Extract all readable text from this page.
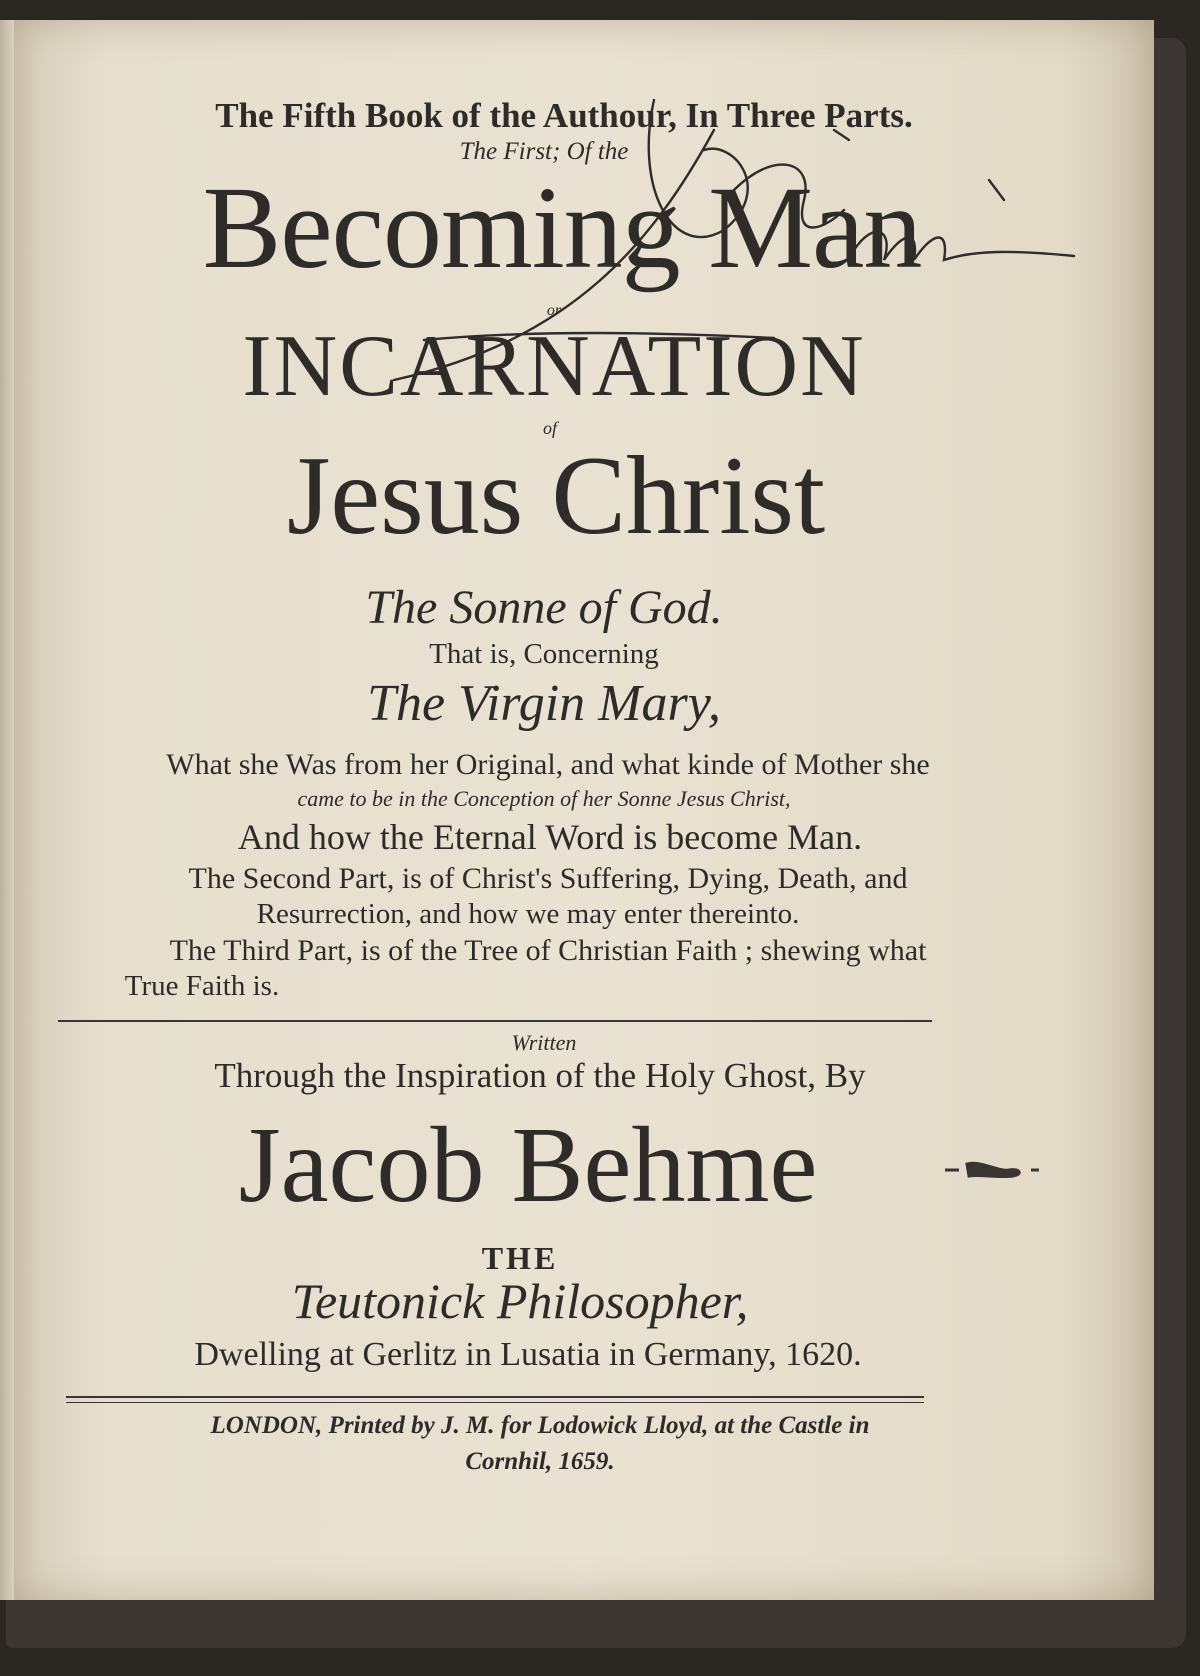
The Fifth Book of the Authour, In Three Parts.
The First; Of the
Becoming Man
or
INCARNATION
of
Jesus Christ
The Sonne of God.
That is, Concerning
The Virgin Mary,
What she Was from her Original, and what kinde of Mother she
came to be in the Conception of her Sonne Jesus Christ,
And how the Eternal Word is become Man.
The Second Part, is of Christ's Suffering, Dying, Death, and
Resurrection, and how we may enter thereinto.
The Third Part, is of the Tree of Christian Faith ; shewing what
True Faith is.
Written
Through the Inspiration of the Holy Ghost, By
Jacob Behme
THE
Teutonick Philosopher,
Dwelling at Gerlitz in Lusatia in Germany, 1620.
LONDON, Printed by J. M. for Lodowick Lloyd, at the Castle in
Cornhil, 1659.
